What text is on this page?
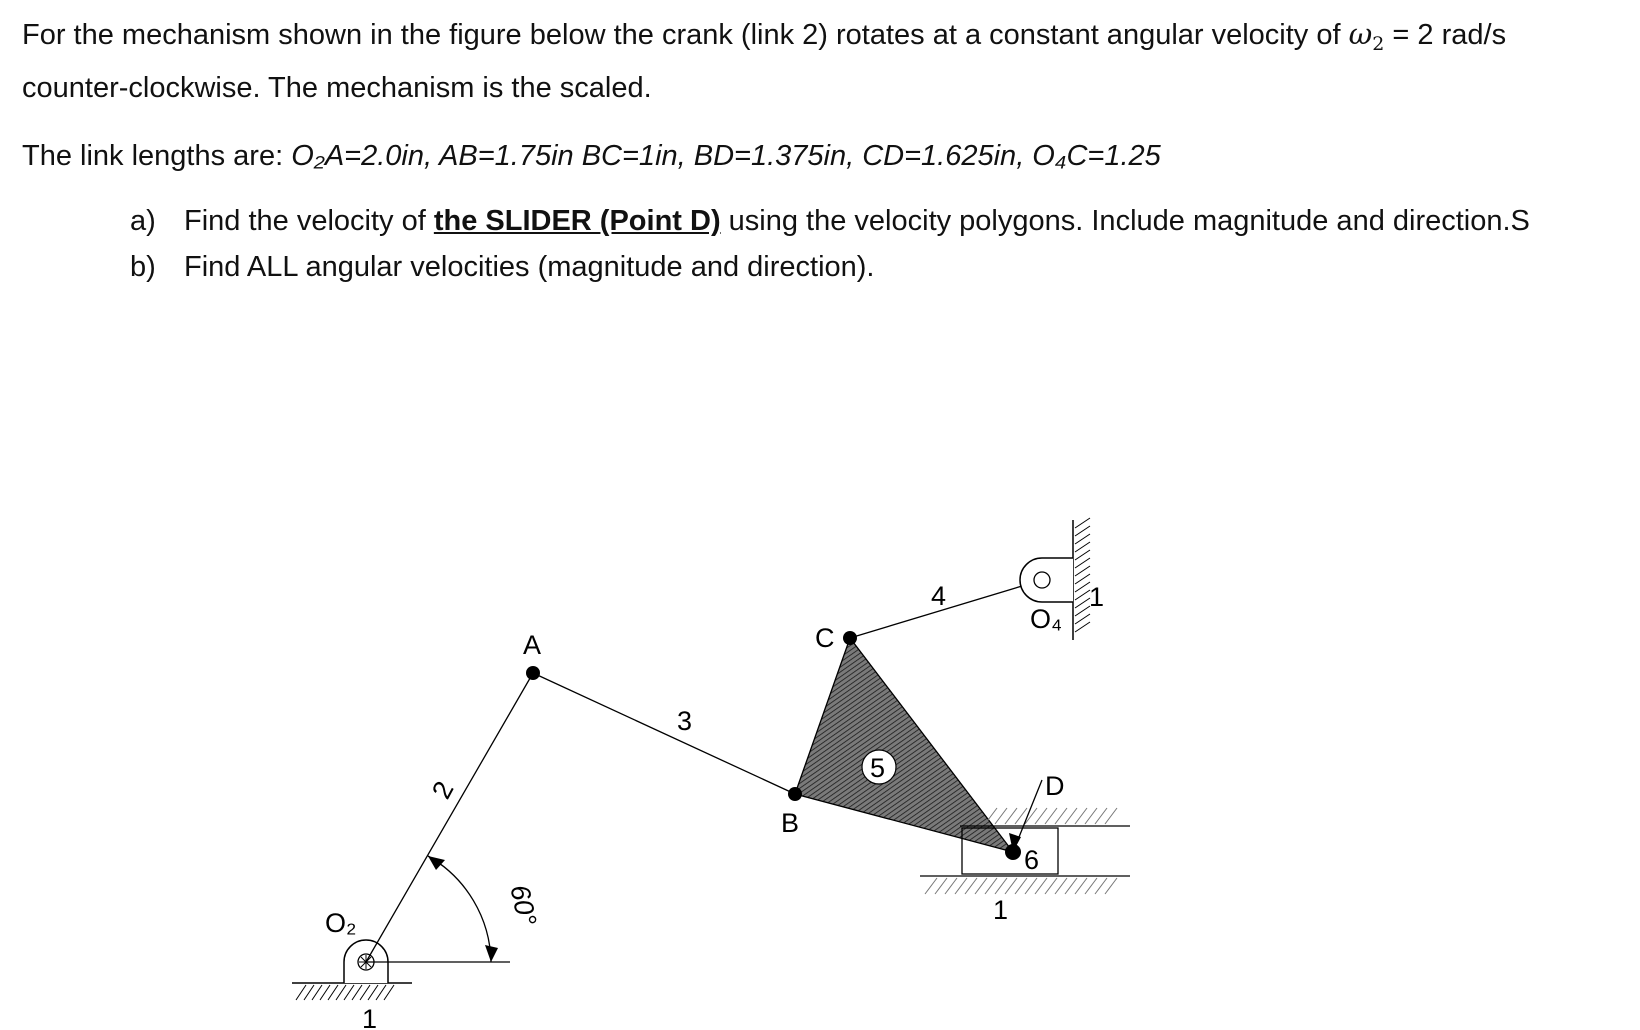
For the mechanism shown in the figure below the crank (link 2) rotates at a constant angular velocity of $\omega_2 = 2$ rad/s
counter-clockwise. The mechanism is the scaled.
The link lengths are: O₂A=2.0in, AB=1.75in BC=1in, BD=1.375in, CD=1.625in, O₄C=1.25
a) Find the velocity of the SLIDER (Point D) using the velocity polygons. Include magnitude and direction.S
b) Find ALL angular velocities (magnitude and direction).
O₂
A
B
C
D
O₄
2
3
4
5
6
1
1
1
60°
